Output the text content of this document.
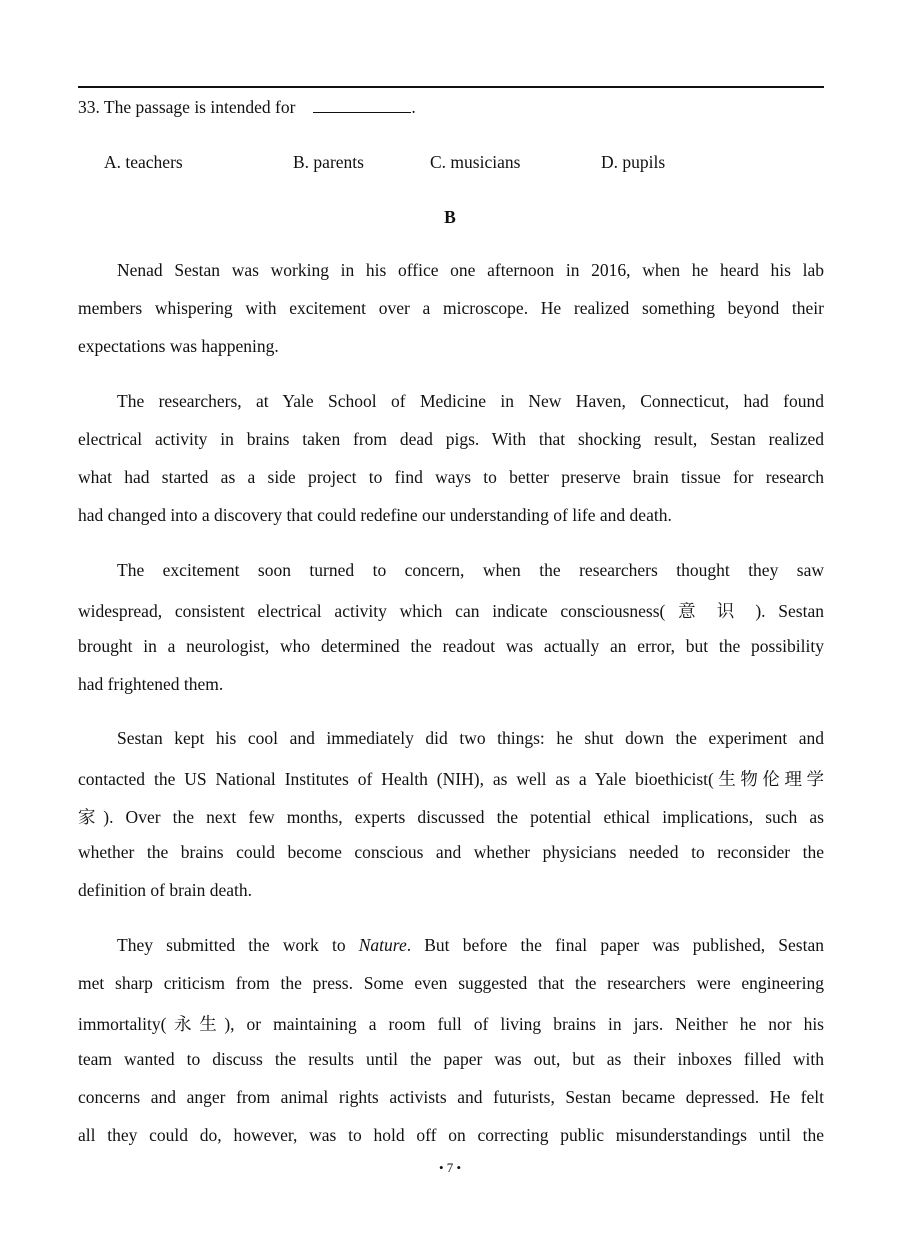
33. The passage is intended for	.
A. teachers	B. parents	C. musicians	D. pupils
B
Nenad Sestan was working in his office one afternoon in 2016, when he heard his lab
members whispering with excitement over a microscope. He realized something beyond their
expectations was happening.
The researchers, at Yale School of Medicine in New Haven, Connecticut, had found
electrical activity in brains taken from dead pigs. With that shocking result, Sestan realized
what had started as a side project to find ways to better preserve brain tissue for research
had changed into a discovery that could redefine our understanding of life and death.
The excitement soon turned to concern, when the researchers thought they saw
widespread, consistent electrical activity which can indicate consciousness( 意 识 ). Sestan
brought in a neurologist, who determined the readout was actually an error, but the possibility
had frightened them.
Sestan kept his cool and immediately did two things: he shut down the experiment and
contacted the US National Institutes of Health (NIH), as well as a Yale bioethicist(生物伦理学
家). Over the next few months, experts discussed the potential ethical implications, such as
whether the brains could become conscious and whether physicians needed to reconsider the
definition of brain death.
They submitted the work to Nature. But before the final paper was published, Sestan
met sharp criticism from the press. Some even suggested that the researchers were engineering
immortality(永生), or maintaining a room full of living brains in jars. Neither he nor his
team wanted to discuss the results until the paper was out, but as their inboxes filled with
concerns and anger from animal rights activists and futurists, Sestan became depressed. He felt
all they could do, however, was to hold off on correcting public misunderstandings until the
• 7 •
